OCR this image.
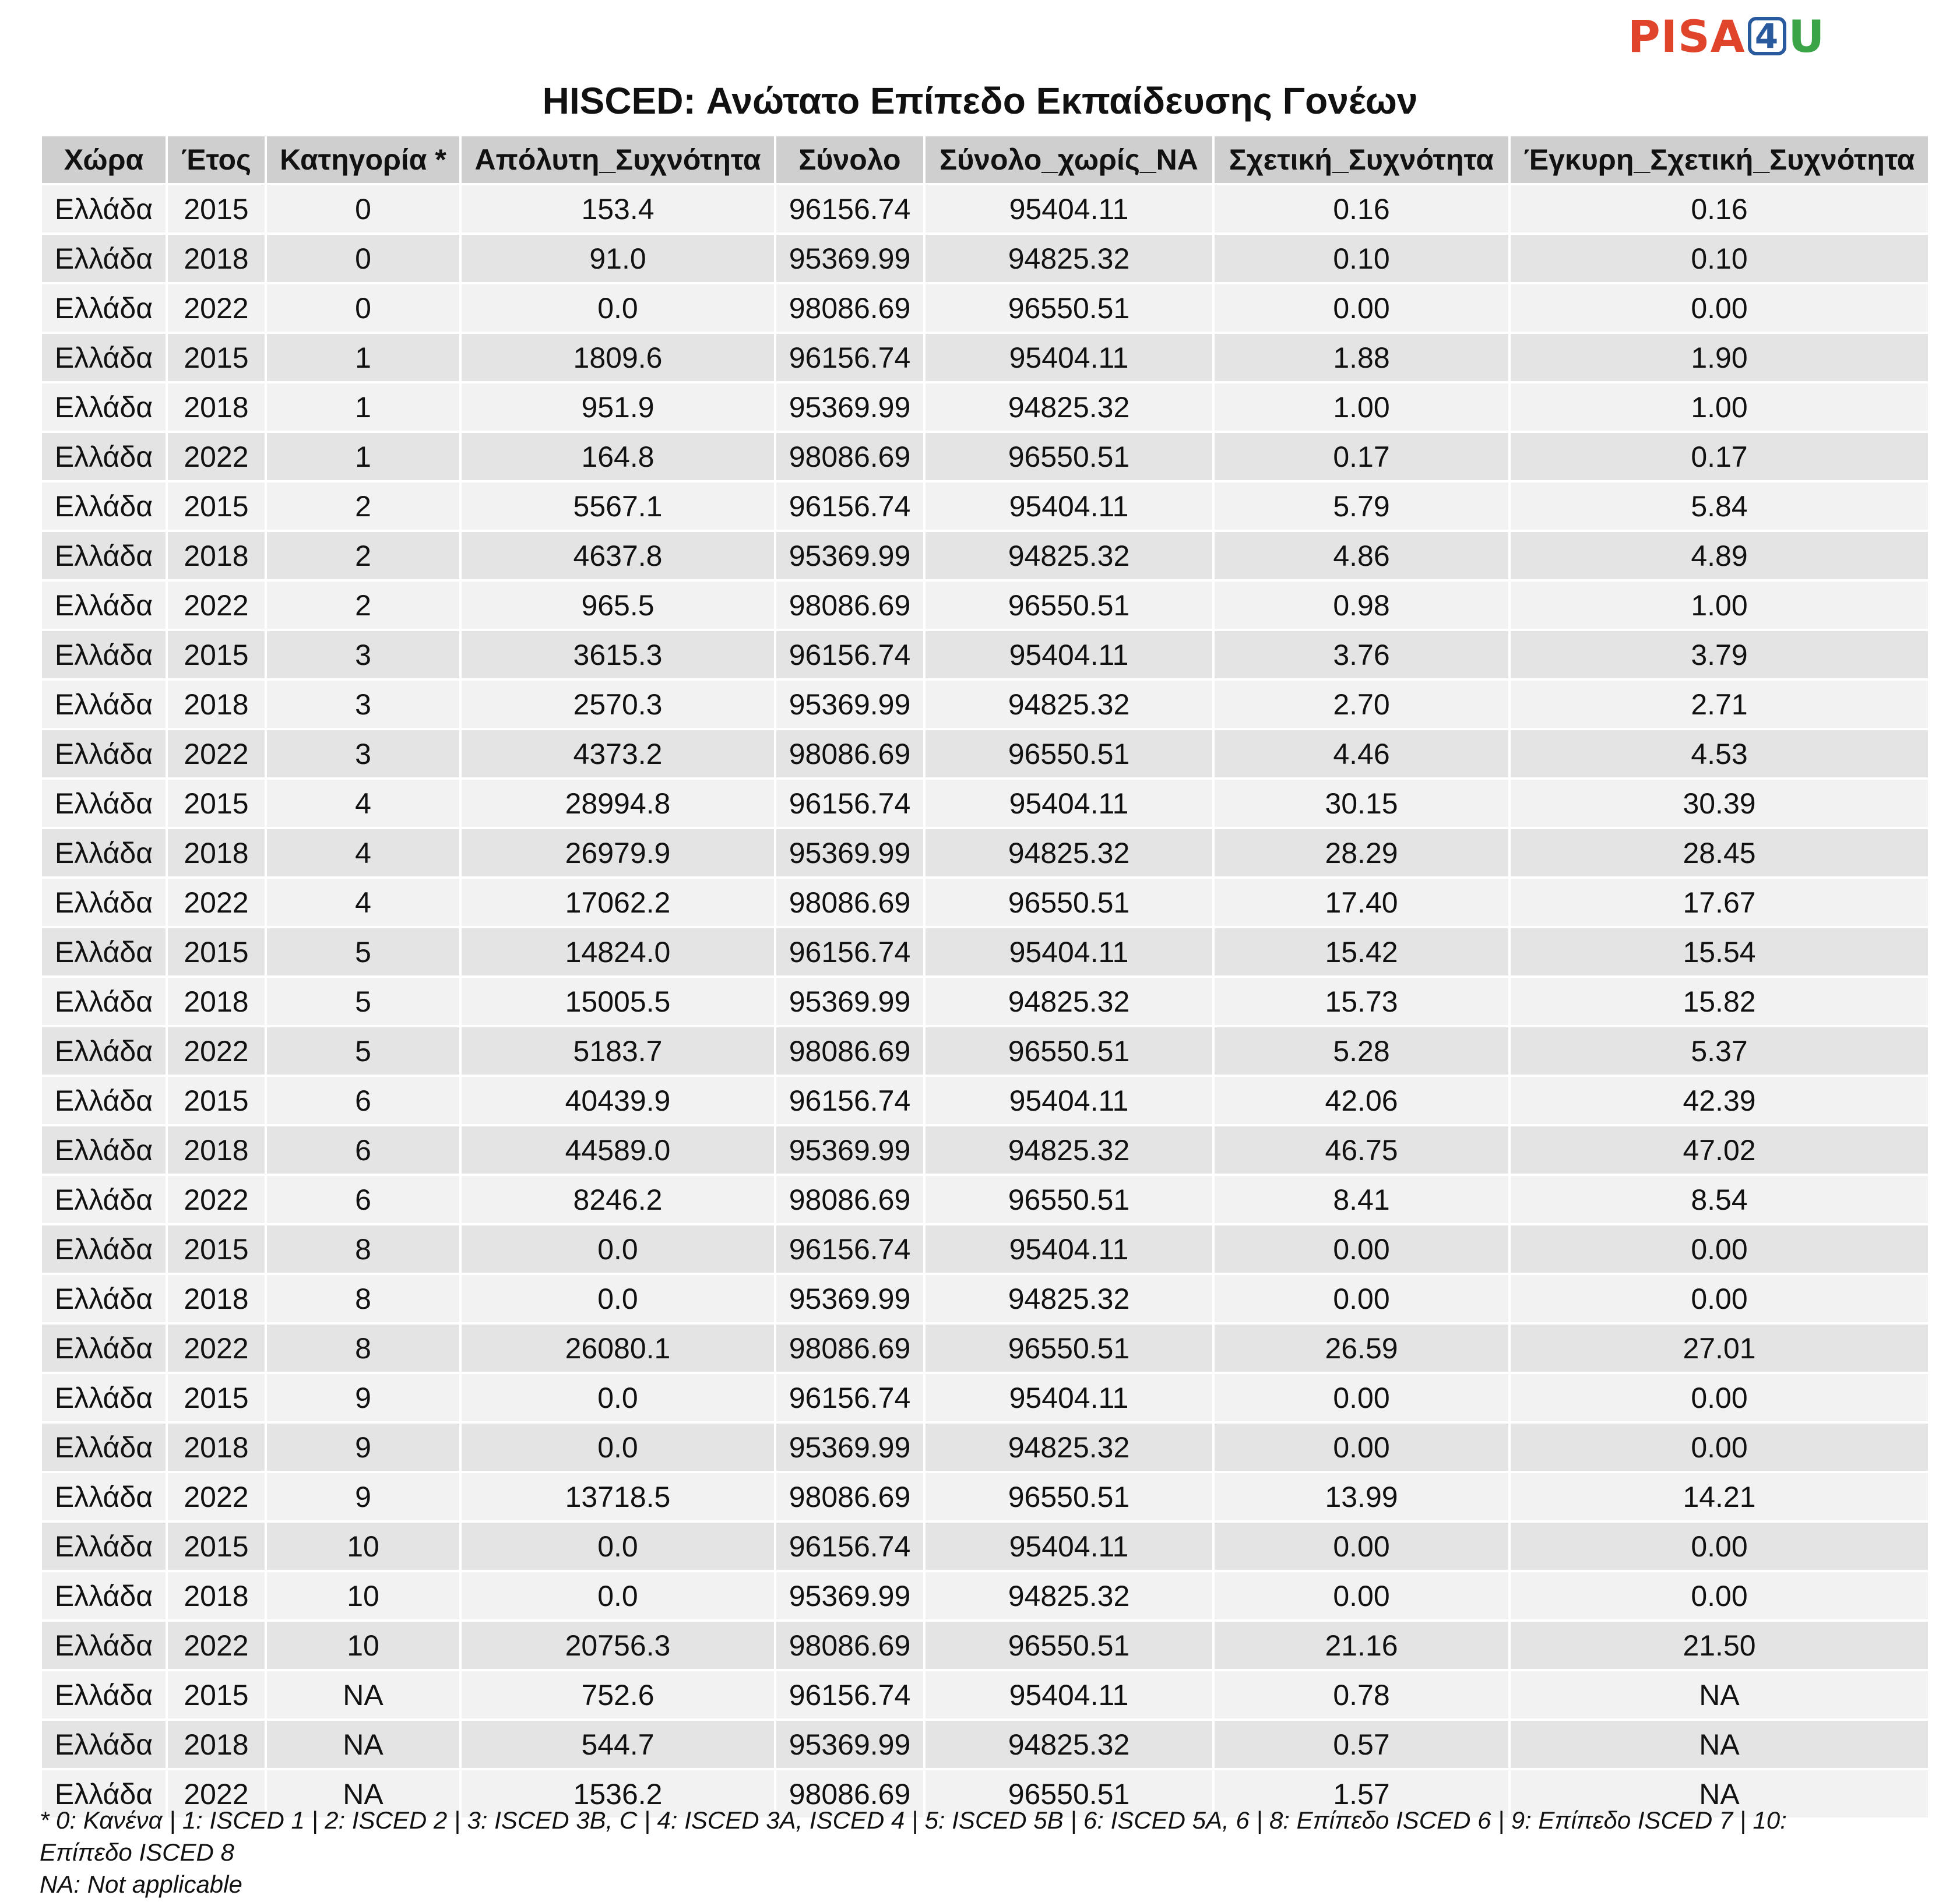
PISA 4 U
HISCED: Ανώτατο Επίπεδο Εκπαίδευσης Γονέων
Χώρα	Έτος	Κατηγορία *	Απόλυτη_Συχνότητα	Σύνολο	Σύνολο_χωρίς_NA	Σχετική_Συχνότητα	Έγκυρη_Σχετική_Συχνότητα
Ελλάδα	2015	0	153.4	96156.74	95404.11	0.16	0.16
Ελλάδα	2018	0	91.0	95369.99	94825.32	0.10	0.10
Ελλάδα	2022	0	0.0	98086.69	96550.51	0.00	0.00
Ελλάδα	2015	1	1809.6	96156.74	95404.11	1.88	1.90
Ελλάδα	2018	1	951.9	95369.99	94825.32	1.00	1.00
Ελλάδα	2022	1	164.8	98086.69	96550.51	0.17	0.17
Ελλάδα	2015	2	5567.1	96156.74	95404.11	5.79	5.84
Ελλάδα	2018	2	4637.8	95369.99	94825.32	4.86	4.89
Ελλάδα	2022	2	965.5	98086.69	96550.51	0.98	1.00
Ελλάδα	2015	3	3615.3	96156.74	95404.11	3.76	3.79
Ελλάδα	2018	3	2570.3	95369.99	94825.32	2.70	2.71
Ελλάδα	2022	3	4373.2	98086.69	96550.51	4.46	4.53
Ελλάδα	2015	4	28994.8	96156.74	95404.11	30.15	30.39
Ελλάδα	2018	4	26979.9	95369.99	94825.32	28.29	28.45
Ελλάδα	2022	4	17062.2	98086.69	96550.51	17.40	17.67
Ελλάδα	2015	5	14824.0	96156.74	95404.11	15.42	15.54
Ελλάδα	2018	5	15005.5	95369.99	94825.32	15.73	15.82
Ελλάδα	2022	5	5183.7	98086.69	96550.51	5.28	5.37
Ελλάδα	2015	6	40439.9	96156.74	95404.11	42.06	42.39
Ελλάδα	2018	6	44589.0	95369.99	94825.32	46.75	47.02
Ελλάδα	2022	6	8246.2	98086.69	96550.51	8.41	8.54
Ελλάδα	2015	8	0.0	96156.74	95404.11	0.00	0.00
Ελλάδα	2018	8	0.0	95369.99	94825.32	0.00	0.00
Ελλάδα	2022	8	26080.1	98086.69	96550.51	26.59	27.01
Ελλάδα	2015	9	0.0	96156.74	95404.11	0.00	0.00
Ελλάδα	2018	9	0.0	95369.99	94825.32	0.00	0.00
Ελλάδα	2022	9	13718.5	98086.69	96550.51	13.99	14.21
Ελλάδα	2015	10	0.0	96156.74	95404.11	0.00	0.00
Ελλάδα	2018	10	0.0	95369.99	94825.32	0.00	0.00
Ελλάδα	2022	10	20756.3	98086.69	96550.51	21.16	21.50
Ελλάδα	2015	NA	752.6	96156.74	95404.11	0.78	NA
Ελλάδα	2018	NA	544.7	95369.99	94825.32	0.57	NA
Ελλάδα	2022	NA	1536.2	98086.69	96550.51	1.57	NA
* 0: Κανένα | 1: ISCED 1 | 2: ISCED 2 | 3: ISCED 3B, C | 4: ISCED 3A, ISCED 4 | 5: ISCED 5B | 6: ISCED 5A, 6 | 8: Επίπεδο ISCED 6 | 9: Επίπεδο ISCED 7 | 10:
Επίπεδο ISCED 8
NA: Not applicable
